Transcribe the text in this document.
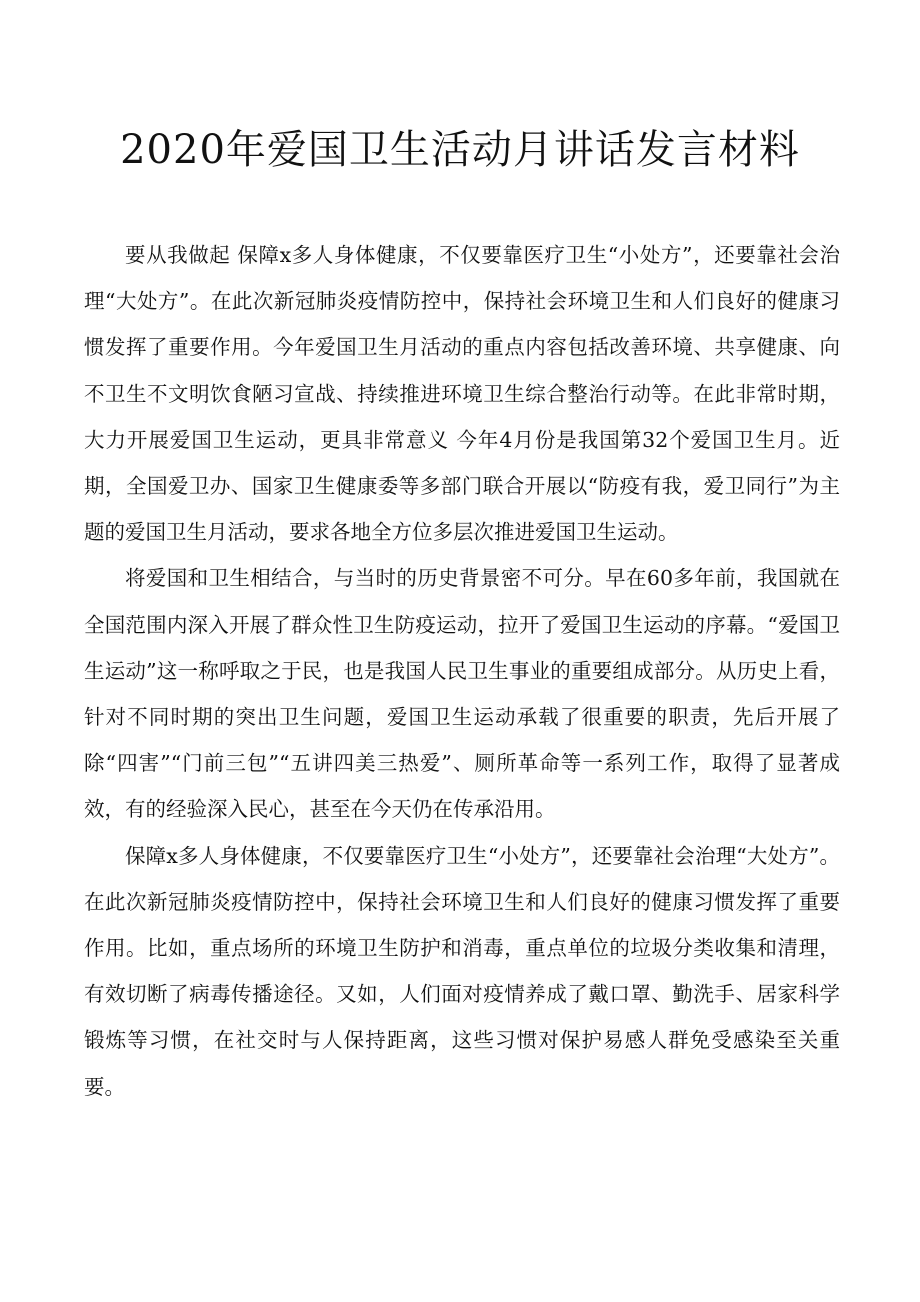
2020年爱国卫生活动月讲话发言材料

要从我做起 保障x多人身体健康，不仅要靠医疗卫生“小处方”，还要靠社会治理“大处方”。在此次新冠肺炎疫情防控中，保持社会环境卫生和人们良好的健康习惯发挥了重要作用。今年爱国卫生月活动的重点内容包括改善环境、共享健康、向不卫生不文明饮食陋习宣战、持续推进环境卫生综合整治行动等。在此非常时期，大力开展爱国卫生运动，更具非常意义 今年4月份是我国第32个爱国卫生月。近期，全国爱卫办、国家卫生健康委等多部门联合开展以“防疫有我，爱卫同行”为主题的爱国卫生月活动，要求各地全方位多层次推进爱国卫生运动。

将爱国和卫生相结合，与当时的历史背景密不可分。早在60多年前，我国就在全国范围内深入开展了群众性卫生防疫运动，拉开了爱国卫生运动的序幕。“爱国卫生运动”这一称呼取之于民，也是我国人民卫生事业的重要组成部分。从历史上看，针对不同时期的突出卫生问题，爱国卫生运动承载了很重要的职责，先后开展了除“四害”“门前三包”“五讲四美三热爱”、厕所革命等一系列工作，取得了显著成效，有的经验深入民心，甚至在今天仍在传承沿用。

保障x多人身体健康，不仅要靠医疗卫生“小处方”，还要靠社会治理“大处方”。在此次新冠肺炎疫情防控中，保持社会环境卫生和人们良好的健康习惯发挥了重要作用。比如，重点场所的环境卫生防护和消毒，重点单位的垃圾分类收集和清理，有效切断了病毒传播途径。又如，人们面对疫情养成了戴口罩、勤洗手、居家科学锻炼等习惯，在社交时与人保持距离，这些习惯对保护易感人群免受感染至关重要。
